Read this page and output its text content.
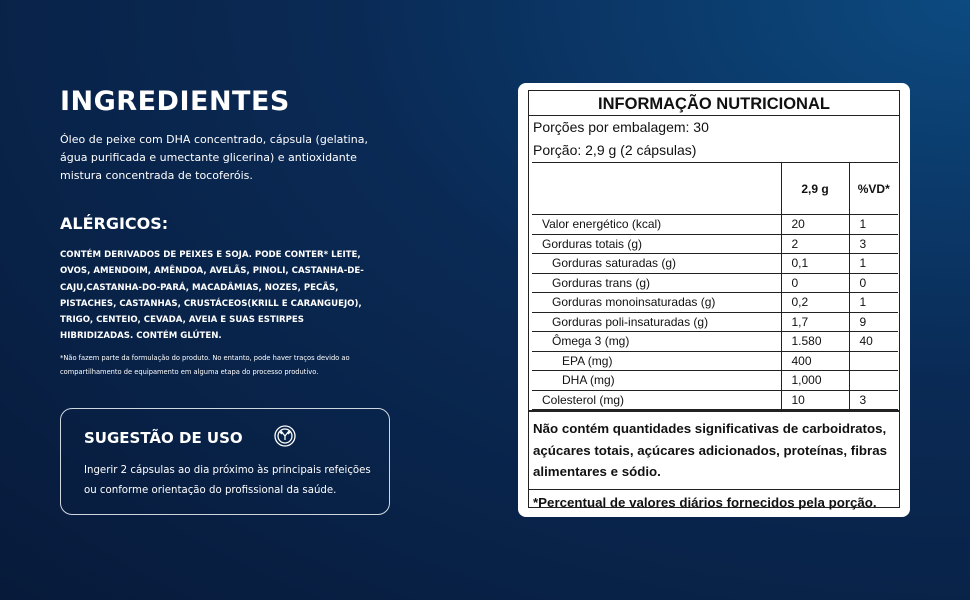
INGREDIENTES
Óleo de peixe com DHA concentrado, cápsula (gelatina, água purificada e umectante glicerina) e antioxidante mistura concentrada de tocoferóis.
ALÉRGICOS:
CONTÉM DERIVADOS DE PEIXES E SOJA. PODE CONTER* LEITE, OVOS, AMENDOIM, AMÊNDOA, AVELÃS, PINOLI, CASTANHA-DE-CAJU,CASTANHA-DO-PARÁ, MACADÂMIAS, NOZES, PECÃS, PISTACHES, CASTANHAS, CRUSTÁCEOS(KRILL E CARANGUEJO), TRIGO, CENTEIO, CEVADA, AVEIA E SUAS ESTIRPES HIBRIDIZADAS. CONTÉM GLÚTEN.
*Não fazem parte da formulação do produto. No entanto, pode haver traços devido ao compartilhamento de equipamento em alguma etapa do processo produtivo.
SUGESTÃO DE USO
Ingerir 2 cápsulas ao dia próximo às principais refeições ou conforme orientação do profissional da saúde.
INFORMAÇÃO NUTRICIONAL
Porções por embalagem: 30
Porção: 2,9 g (2 cápsulas)
	2,9 g	%VD*
Valor energético (kcal)	20	1
Gorduras totais (g)	2	3
Gorduras saturadas (g)	0,1	1
Gorduras trans (g)	0	0
Gorduras monoinsaturadas (g)	0,2	1
Gorduras poli-insaturadas (g)	1,7	9
Ômega 3 (mg)	1.580	40
EPA (mg)	400	
DHA (mg)	1,000	
Colesterol (mg)	10	3
Não contém quantidades significativas de carboidratos, açúcares totais, açúcares adicionados, proteínas, fibras alimentares e sódio.
*Percentual de valores diários fornecidos pela porção.
